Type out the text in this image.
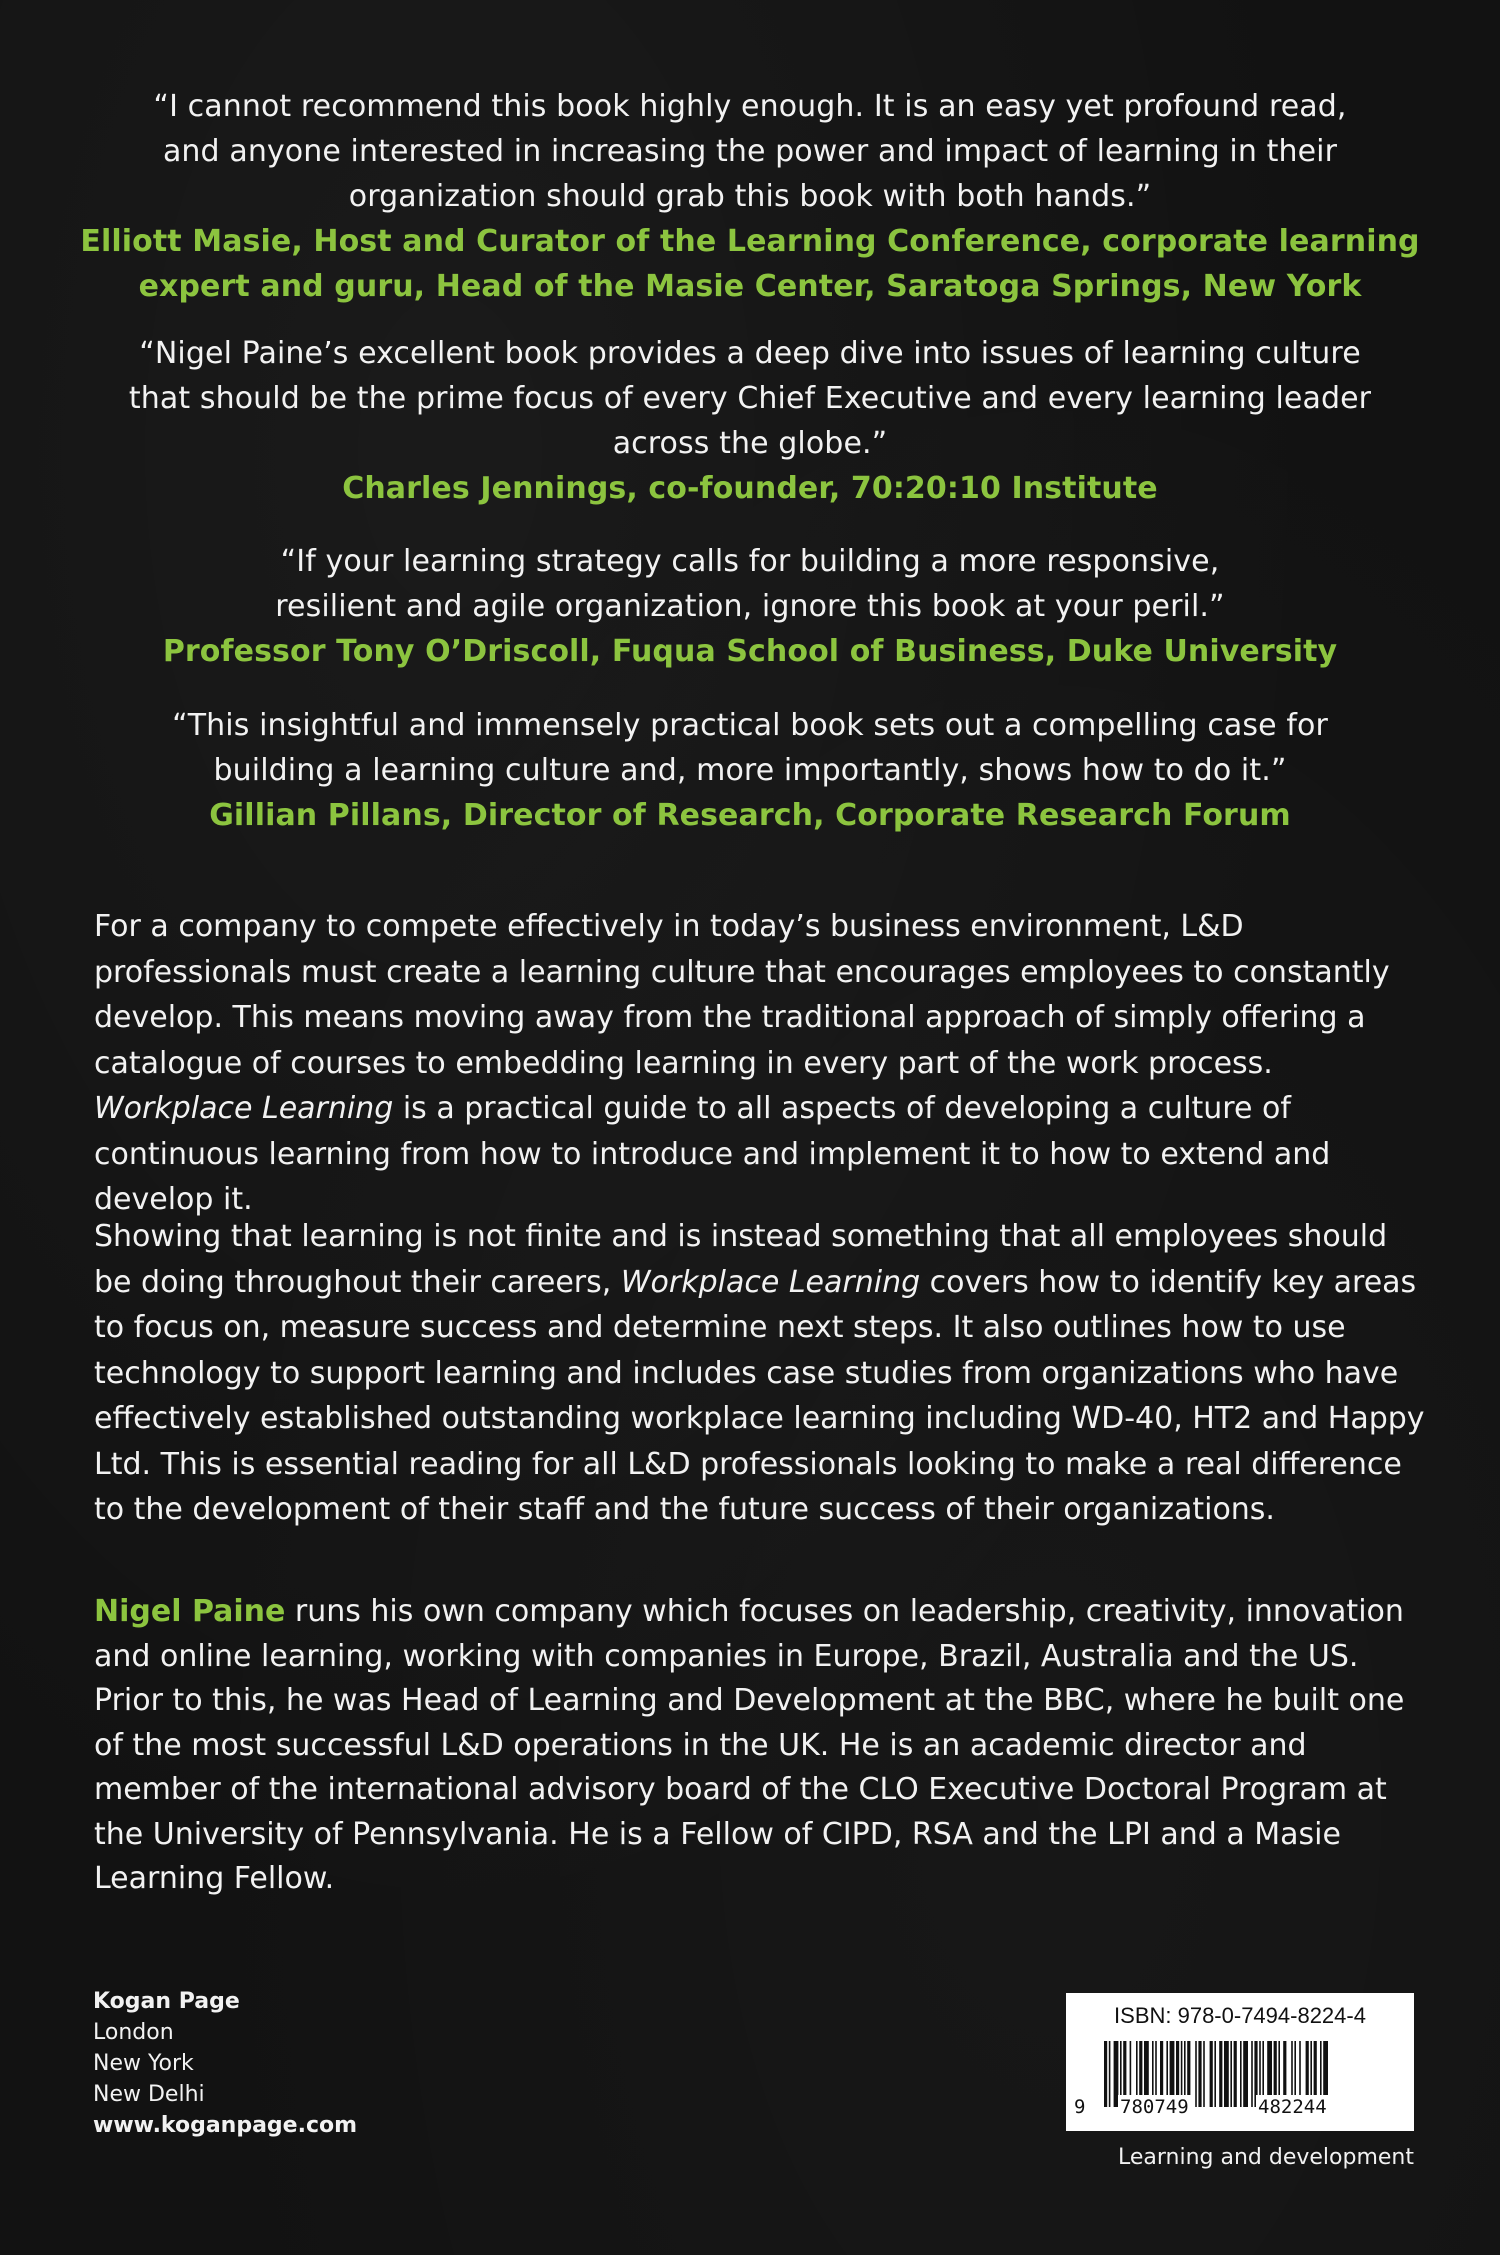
“I cannot recommend this book highly enough. It is an easy yet profound read,

and anyone interested in increasing the power and impact of learning in their

organization should grab this book with both hands.”

Elliott Masie, Host and Curator of the Learning Conference, corporate learning

expert and guru, Head of the Masie Center, Saratoga Springs, New York

“Nigel Paine’s excellent book provides a deep dive into issues of learning culture

that should be the prime focus of every Chief Executive and every learning leader

across the globe.”

Charles Jennings, co-founder, 70:20:10 Institute

“If your learning strategy calls for building a more responsive,

resilient and agile organization, ignore this book at your peril.”

Professor Tony O’Driscoll, Fuqua School of Business, Duke University

“This insightful and immensely practical book sets out a compelling case for

building a learning culture and, more importantly, shows how to do it.”

Gillian Pillans, Director of Research, Corporate Research Forum

For a company to compete effectively in today’s business environment, L&D professionals must create a learning culture that encourages employees to constantly develop. This means moving away from the traditional approach of simply offering a catalogue of courses to embedding learning in every part of the work process. Workplace Learning is a practical guide to all aspects of developing a culture of continuous learning from how to introduce and implement it to how to extend and develop it.

Showing that learning is not finite and is instead something that all employees should be doing throughout their careers, Workplace Learning covers how to identify key areas to focus on, measure success and determine next steps. It also outlines how to use technology to support learning and includes case studies from organizations who have effectively established outstanding workplace learning including WD-40, HT2 and Happy Ltd. This is essential reading for all L&D professionals looking to make a real difference to the development of their staff and the future success of their organizations.

Nigel Paine runs his own company which focuses on leadership, creativity, innovation and online learning, working with companies in Europe, Brazil, Australia and the US. Prior to this, he was Head of Learning and Development at the BBC, where he built one of the most successful L&D operations in the UK. He is an academic director and member of the international advisory board of the CLO Executive Doctoral Program at the University of Pennsylvania. He is a Fellow of CIPD, RSA and the LPI and a Masie Learning Fellow.

Kogan Page
London
New York
New Delhi
www.koganpage.com
ISBN: 978-0-7494-8224-4
9 780749	482244
Learning and development
